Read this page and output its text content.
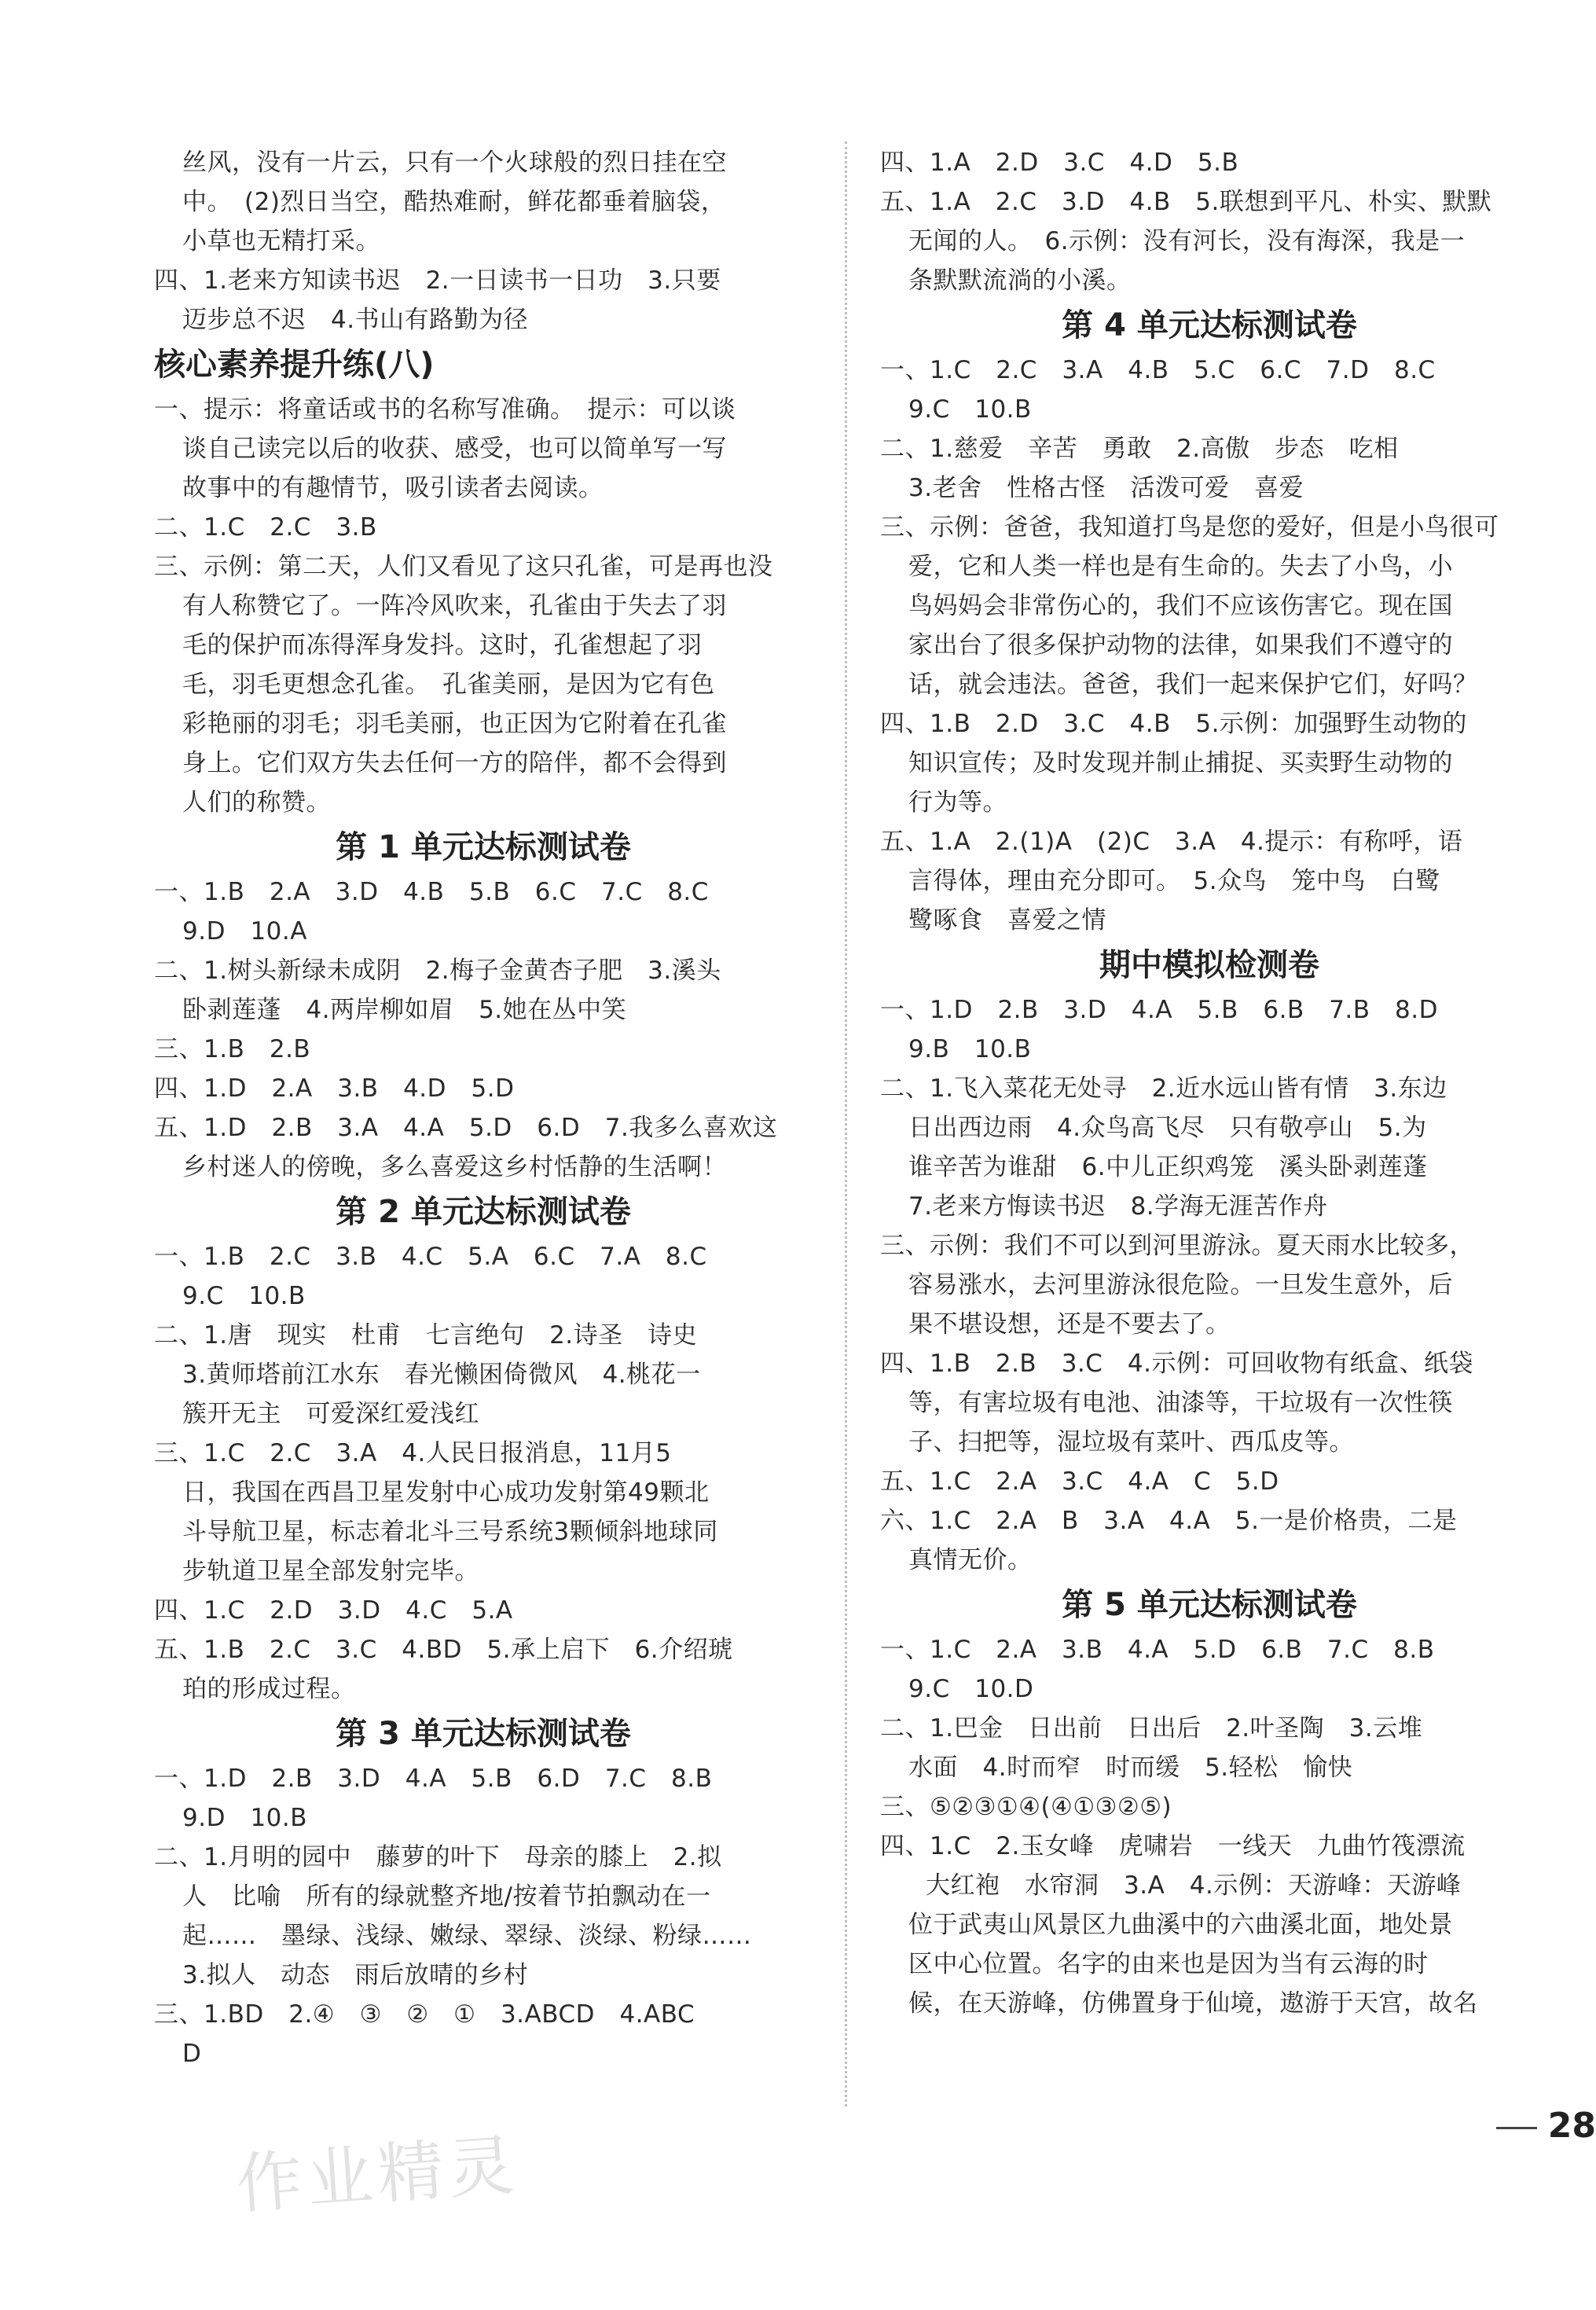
丝风，没有一片云，只有一个火球般的烈日挂在空
中。　(2)烈日当空，酷热难耐，鲜花都垂着脑袋，
小草也无精打采。
四、1.老来方知读书迟　2.一日读书一日功　3.只要
迈步总不迟　4.书山有路勤为径
核心素养提升练(八)
一、提示：将童话或书的名称写准确。　提示：可以谈
谈自己读完以后的收获、感受，也可以简单写一写
故事中的有趣情节，吸引读者去阅读。
二、1.C　2.C　3.B
三、示例：第二天，人们又看见了这只孔雀，可是再也没
有人称赞它了。一阵冷风吹来，孔雀由于失去了羽
毛的保护而冻得浑身发抖。这时，孔雀想起了羽
毛，羽毛更想念孔雀。　孔雀美丽，是因为它有色
彩艳丽的羽毛；羽毛美丽，也正因为它附着在孔雀
身上。它们双方失去任何一方的陪伴，都不会得到
人们的称赞。
第 1 单元达标测试卷
一、1.B　2.A　3.D　4.B　5.B　6.C　7.C　8.C
9.D　10.A
二、1.树头新绿未成阴　2.梅子金黄杏子肥　3.溪头
卧剥莲蓬　4.两岸柳如眉　5.她在丛中笑
三、1.B　2.B
四、1.D　2.A　3.B　4.D　5.D
五、1.D　2.B　3.A　4.A　5.D　6.D　7.我多么喜欢这
乡村迷人的傍晚，多么喜爱这乡村恬静的生活啊！
第 2 单元达标测试卷
一、1.B　2.C　3.B　4.C　5.A　6.C　7.A　8.C
9.C　10.B
二、1.唐　现实　杜甫　七言绝句　2.诗圣　诗史
3.黄师塔前江水东　春光懒困倚微风　4.桃花一
簇开无主　可爱深红爱浅红
三、1.C　2.C　3.A　4.人民日报消息，11月5
日，我国在西昌卫星发射中心成功发射第49颗北
斗导航卫星，标志着北斗三号系统3颗倾斜地球同
步轨道卫星全部发射完毕。
四、1.C　2.D　3.D　4.C　5.A
五、1.B　2.C　3.C　4.BD　5.承上启下　6.介绍琥
珀的形成过程。
第 3 单元达标测试卷
一、1.D　2.B　3.D　4.A　5.B　6.D　7.C　8.B
9.D　10.B
二、1.月明的园中　藤萝的叶下　母亲的膝上　2.拟
人　比喻　所有的绿就整齐地/按着节拍飘动在一
起……　墨绿、浅绿、嫩绿、翠绿、淡绿、粉绿……
3.拟人　动态　雨后放晴的乡村
三、1.BD　2.④　③　②　①　3.ABCD　4.ABC
D
四、1.A　2.D　3.C　4.D　5.B
五、1.A　2.C　3.D　4.B　5.联想到平凡、朴实、默默
无闻的人。　6.示例：没有河长，没有海深，我是一
条默默流淌的小溪。
第 4 单元达标测试卷
一、1.C　2.C　3.A　4.B　5.C　6.C　7.D　8.C
9.C　10.B
二、1.慈爱　辛苦　勇敢　2.高傲　步态　吃相
3.老舍　性格古怪　活泼可爱　喜爱
三、示例：爸爸，我知道打鸟是您的爱好，但是小鸟很可
爱，它和人类一样也是有生命的。失去了小鸟，小
鸟妈妈会非常伤心的，我们不应该伤害它。现在国
家出台了很多保护动物的法律，如果我们不遵守的
话，就会违法。爸爸，我们一起来保护它们，好吗？
四、1.B　2.D　3.C　4.B　5.示例：加强野生动物的
知识宣传；及时发现并制止捕捉、买卖野生动物的
行为等。
五、1.A　2.(1)A　(2)C　3.A　4.提示：有称呼，语
言得体，理由充分即可。　5.众鸟　笼中鸟　白鹭
鹭啄食　喜爱之情
期中模拟检测卷
一、1.D　2.B　3.D　4.A　5.B　6.B　7.B　8.D
9.B　10.B
二、1.飞入菜花无处寻　2.近水远山皆有情　3.东边
日出西边雨　4.众鸟高飞尽　只有敬亭山　5.为
谁辛苦为谁甜　6.中儿正织鸡笼　溪头卧剥莲蓬
7.老来方悔读书迟　8.学海无涯苦作舟
三、示例：我们不可以到河里游泳。夏天雨水比较多，
容易涨水，去河里游泳很危险。一旦发生意外，后
果不堪设想，还是不要去了。
四、1.B　2.B　3.C　4.示例：可回收物有纸盒、纸袋
等，有害垃圾有电池、油漆等，干垃圾有一次性筷
子、扫把等，湿垃圾有菜叶、西瓜皮等。
五、1.C　2.A　3.C　4.A　C　5.D
六、1.C　2.A　B　3.A　4.A　5.一是价格贵，二是
真情无价。
第 5 单元达标测试卷
一、1.C　2.A　3.B　4.A　5.D　6.B　7.C　8.B
9.C　10.D
二、1.巴金　日出前　日出后　2.叶圣陶　3.云堆
水面　4.时而窄　时而缓　5.轻松　愉快
三、⑤②③①④(④①③②⑤)
四、1.C　2.玉女峰　虎啸岩　一线天　九曲竹筏漂流
大红袍　水帘洞　3.A　4.示例：天游峰：天游峰
位于武夷山风景区九曲溪中的六曲溪北面，地处景
区中心位置。名字的由来也是因为当有云海的时
候，在天游峰，仿佛置身于仙境，遨游于天宫，故名
作业精灵
28
